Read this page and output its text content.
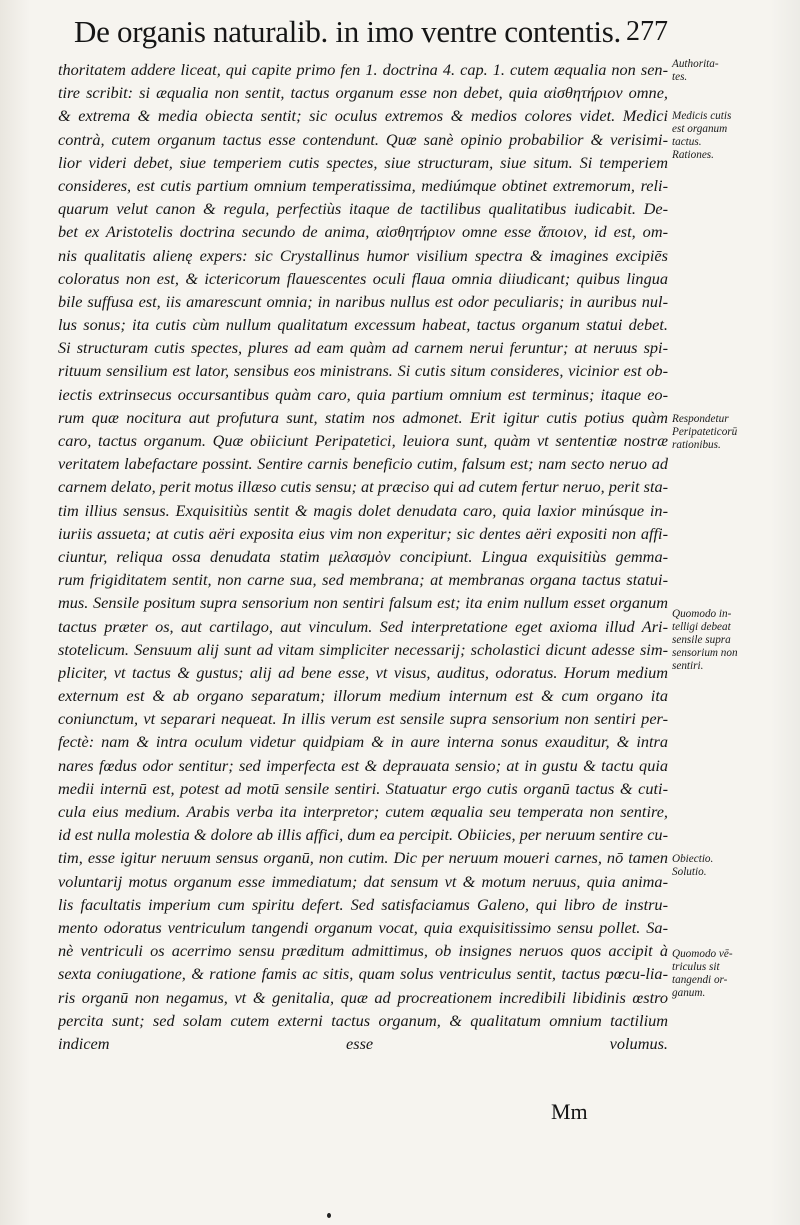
De organis naturalib. in imo ventre contentis. 277
thoritatem addere liceat, qui capite primo fen 1. doctrina 4. cap. 1. cutem æqualia non sen-
tire scribit: si æqualia non sentit, tactus organum esse non debet, quia αἰσθητήριον omne,
& extrema & media obiecta sentit; sic oculus extremos & medios colores videt. Medici
contrà, cutem organum tactus esse contendunt. Quæ sanè opinio probabilior & verisimi-
lior videri debet, siue temperiem cutis spectes, siue structuram, siue situm. Si temperiem
consideres, est cutis partium omnium temperatissima, mediúmque obtinet extremorum, reli-
quarum velut canon & regula, perfectiùs itaque de tactilibus qualitatibus iudicabit. De-
bet ex Aristotelis doctrina secundo de anima, αἰσθητήριον omne esse ἄποιον, id est, om-
nis qualitatis alienę expers: sic Crystallinus humor visilium spectra & imagines excipiēs
coloratus non est, & ictericorum flauescentes oculi flaua omnia diiudicant; quibus lingua
bile suffusa est, iis amarescunt omnia; in naribus nullus est odor peculiaris; in auribus nul-
lus sonus; ita cutis cùm nullum qualitatum excessum habeat, tactus organum statui debet.
Si structuram cutis spectes, plures ad eam quàm ad carnem nerui feruntur; at neruus spi-
rituum sensilium est lator, sensibus eos ministrans. Si cutis situm consideres, vicinior est ob-
iectis extrinsecus occursantibus quàm caro, quia partium omnium est terminus; itaque eo-
rum quæ nocitura aut profutura sunt, statim nos admonet. Erit igitur cutis potius quàm
caro, tactus organum. Quæ obiiciunt Peripatetici, leuiora sunt, quàm vt sententiæ nostræ
veritatem labefactare possint. Sentire carnis beneficio cutim, falsum est; nam secto neruo ad
carnem delato, perit motus illæso cutis sensu; at præciso qui ad cutem fertur neruo, perit sta-
tim illius sensus. Exquisitiùs sentit & magis dolet denudata caro, quia laxior minúsque in-
iuriis assueta; at cutis aëri exposita eius vim non experitur; sic dentes aëri expositi non affi-
ciuntur, reliqua ossa denudata statim μελασμὸν concipiunt. Lingua exquisitiùs gemma-
rum frigiditatem sentit, non carne sua, sed membrana; at membranas organa tactus statui-
mus. Sensile positum supra sensorium non sentiri falsum est; ita enim nullum esset organum
tactus præter os, aut cartilago, aut vinculum. Sed interpretatione eget axioma illud Ari-
stotelicum. Sensuum alij sunt ad vitam simpliciter necessarij; scholastici dicunt adesse sim-
pliciter, vt tactus & gustus; alij ad bene esse, vt visus, auditus, odoratus. Horum medium
externum est & ab organo separatum; illorum medium internum est & cum organo ita
coniunctum, vt separari nequeat. In illis verum est sensile supra sensorium non sentiri per-
fectè: nam & intra oculum videtur quidpiam & in aure interna sonus exauditur, & intra
nares fœdus odor sentitur; sed imperfecta est & deprauata sensio; at in gustu & tactu quia
medii internū est, potest ad motū sensile sentiri. Statuatur ergo cutis organū tactus & cuti-
cula eius medium. Arabis verba ita interpretor; cutem æqualia seu temperata non sentire,
id est nulla molestia & dolore ab illis affici, dum ea percipit. Obiicies, per neruum sentire cu-
tim, esse igitur neruum sensus organū, non cutim. Dic per neruum moueri carnes, nō tamen
voluntarij motus organum esse immediatum; dat sensum vt & motum neruus, quia anima-
lis facultatis imperium cum spiritu defert. Sed satisfaciamus Galeno, qui libro de instru-
mento odoratus ventriculum tangendi organum vocat, quia exquisitissimo sensu pollet. Sa-
nè ventriculi os acerrimo sensu præditum admittimus, ob insignes neruos quos accipit à
sexta coniugatione, & ratione famis ac sitis, quam solus ventriculus sentit, tactus pœcu-lia-
ris organū non negamus, vt & genitalia, quæ ad procreationem incredibili libidinis œstro
percita sunt; sed solam cutem externi tactus organum, & qualitatum omnium tactilium
indicem esse volumus.
Authorita-
tes.
Medicis cutis
est organum
tactus.
Rationes.
Respondetur
Peripateticorū
rationibus.
Quomodo in-
telligi debeat
sensile supra
sensorium non
sentiri.
Obiectio.
Solutio.
Quomodo vē-
triculus sit
tangendi or-
ganum.
Mm
